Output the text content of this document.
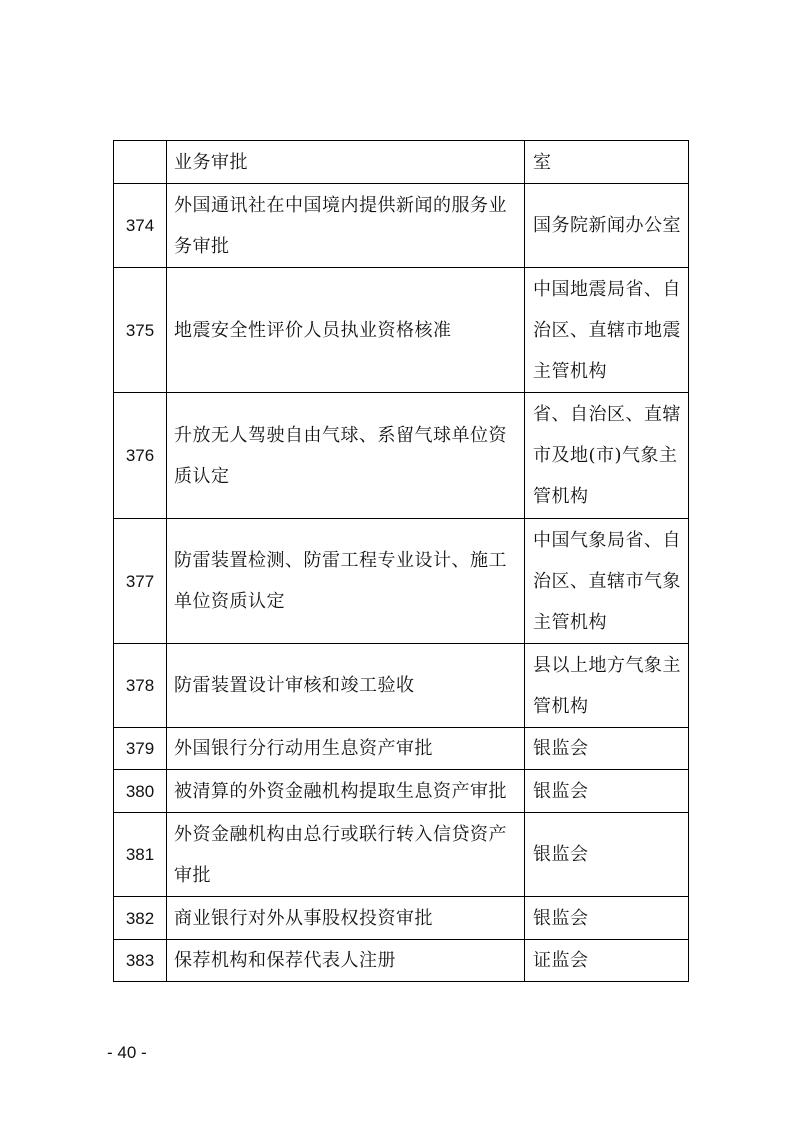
	业务审批	室

374	外国通讯社在中国境内提供新闻的服务业务审批	国务院新闻办公室

375	地震安全性评价人员执业资格核准	中国地震局省、自治区、直辖市地震主管机构

376	升放无人驾驶自由气球、系留气球单位资质认定	省、自治区、直辖市及地(市)气象主管机构

377	防雷装置检测、防雷工程专业设计、施工单位资质认定	中国气象局省、自治区、直辖市气象主管机构

378	防雷装置设计审核和竣工验收	县以上地方气象主管机构

379	外国银行分行动用生息资产审批	银监会

380	被清算的外资金融机构提取生息资产审批	银监会

381	外资金融机构由总行或联行转入信贷资产审批	银监会

382	商业银行对外从事股权投资审批	银监会

383	保荐机构和保荐代表人注册	证监会
- 40 -
